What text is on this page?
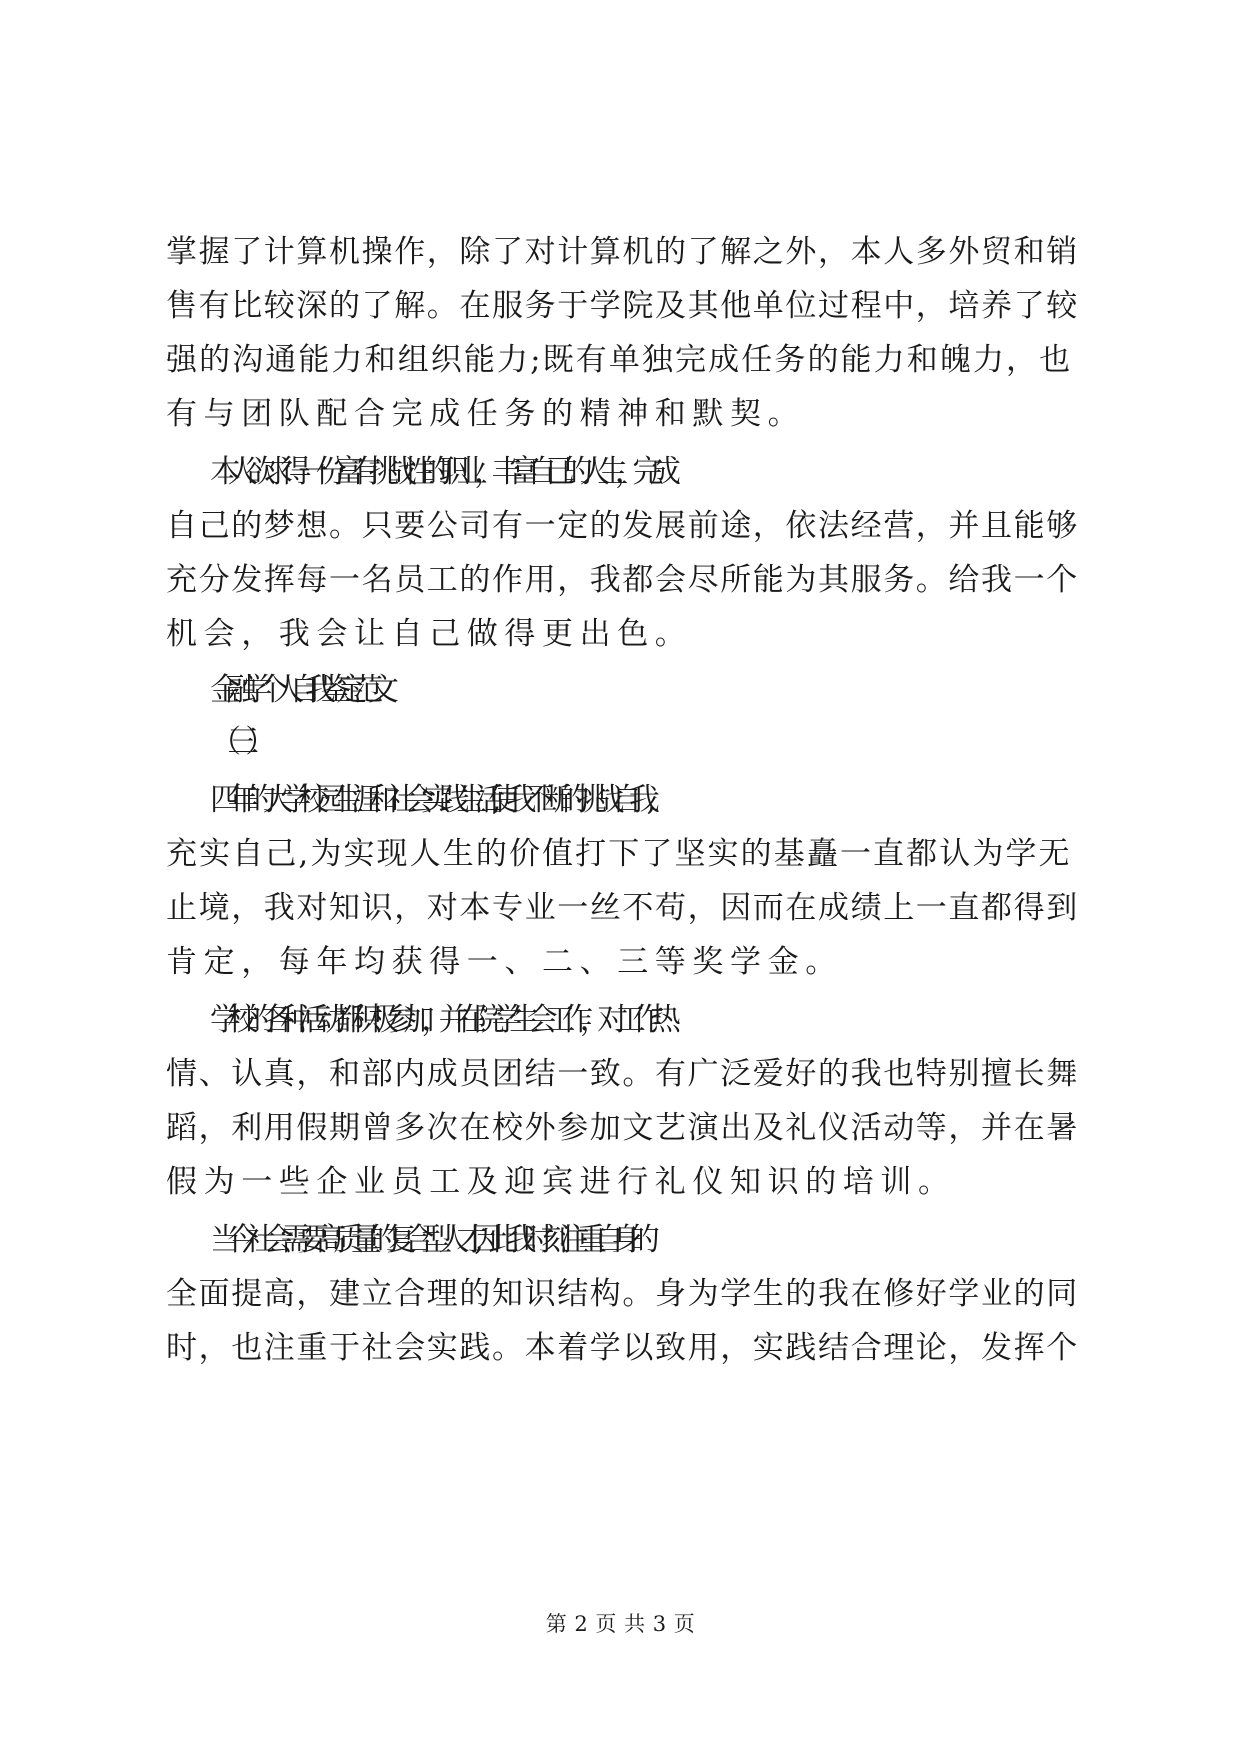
掌握了计算机操作，除了对计算机的了解之外，本人多外贸和销
售有比较深的了解。在服务于学院及其他单位过程中，培养了较
强的沟通能力和组织能力;既有单独完成任务的能力和魄力，也
有与团队配合完成任务的精神和默契。
本人欲求得一份富有挑战性的职业，丰富自己的人生，完成
自己的梦想。只要公司有一定的发展前途，依法经营，并且能够
充分发挥每一名员工的作用，我都会尽所能为其服务。给我一个
机会，我会让自己做得更出色。
金融学个人自我鉴定范文
（三）
四年的大学校园生涯和社会实践生活,使我不断的挑战自我,
充实自己,为实现人生的价值打下了坚实的基矗一直都认为学无
止境，我对知识，对本专业一丝不苟，因而在成绩上一直都得到
肯定，每年均获得一、二、三等奖学金。
学校的各种活动都积极参加，并在院学生会工作，对工作热
情、认真，和部内成员团结一致。有广泛爱好的我也特别擅长舞
蹈，利用假期曾多次在校外参加文艺演出及礼仪活动等，并在暑
假为一些企业员工及迎宾进行礼仪知识的培训。
当今社会需要高质量的复合型人才,因此我时刻注重自身的
全面提高，建立合理的知识结构。身为学生的我在修好学业的同
时，也注重于社会实践。本着学以致用，实践结合理论，发挥个
第 2 页 共 3 页
